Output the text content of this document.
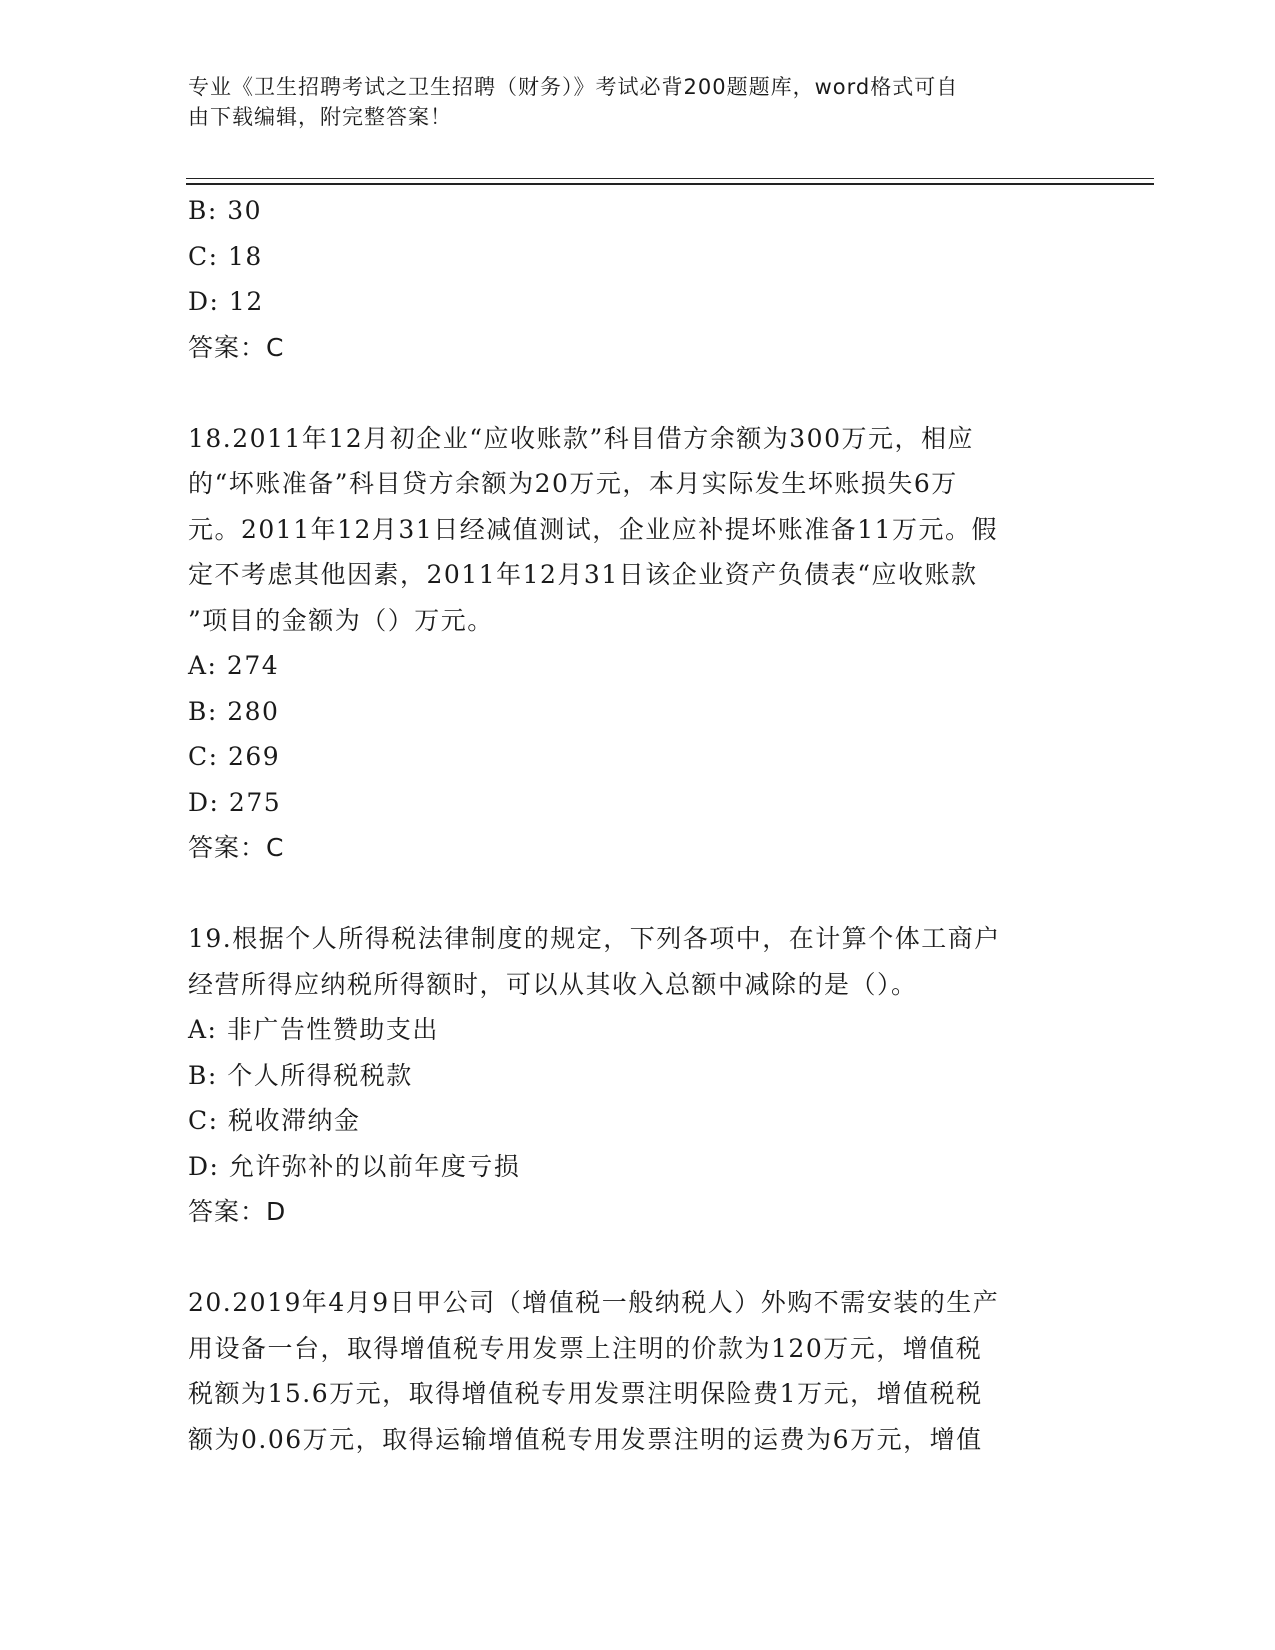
专业《卫生招聘考试之卫生招聘（财务）》考试必背200题题库，word格式可自
由下载编辑，附完整答案！
B: 30
C: 18
D: 12
答案：C
18.2011年12月初企业“应收账款”科目借方余额为300万元，相应
的“坏账准备”科目贷方余额为20万元，本月实际发生坏账损失6万
元。2011年12月31日经减值测试，企业应补提坏账准备11万元。假
定不考虑其他因素，2011年12月31日该企业资产负债表“应收账款
”项目的金额为（）万元。
A: 274
B: 280
C: 269
D: 275
答案：C
19.根据个人所得税法律制度的规定，下列各项中，在计算个体工商户
经营所得应纳税所得额时，可以从其收入总额中减除的是（）。
A: 非广告性赞助支出
B: 个人所得税税款
C: 税收滞纳金
D: 允许弥补的以前年度亏损
答案：D
20.2019年4月9日甲公司（增值税一般纳税人）外购不需安装的生产
用设备一台，取得增值税专用发票上注明的价款为120万元，增值税
税额为15.6万元，取得增值税专用发票注明保险费1万元，增值税税
额为0.06万元，取得运输增值税专用发票注明的运费为6万元，增值
